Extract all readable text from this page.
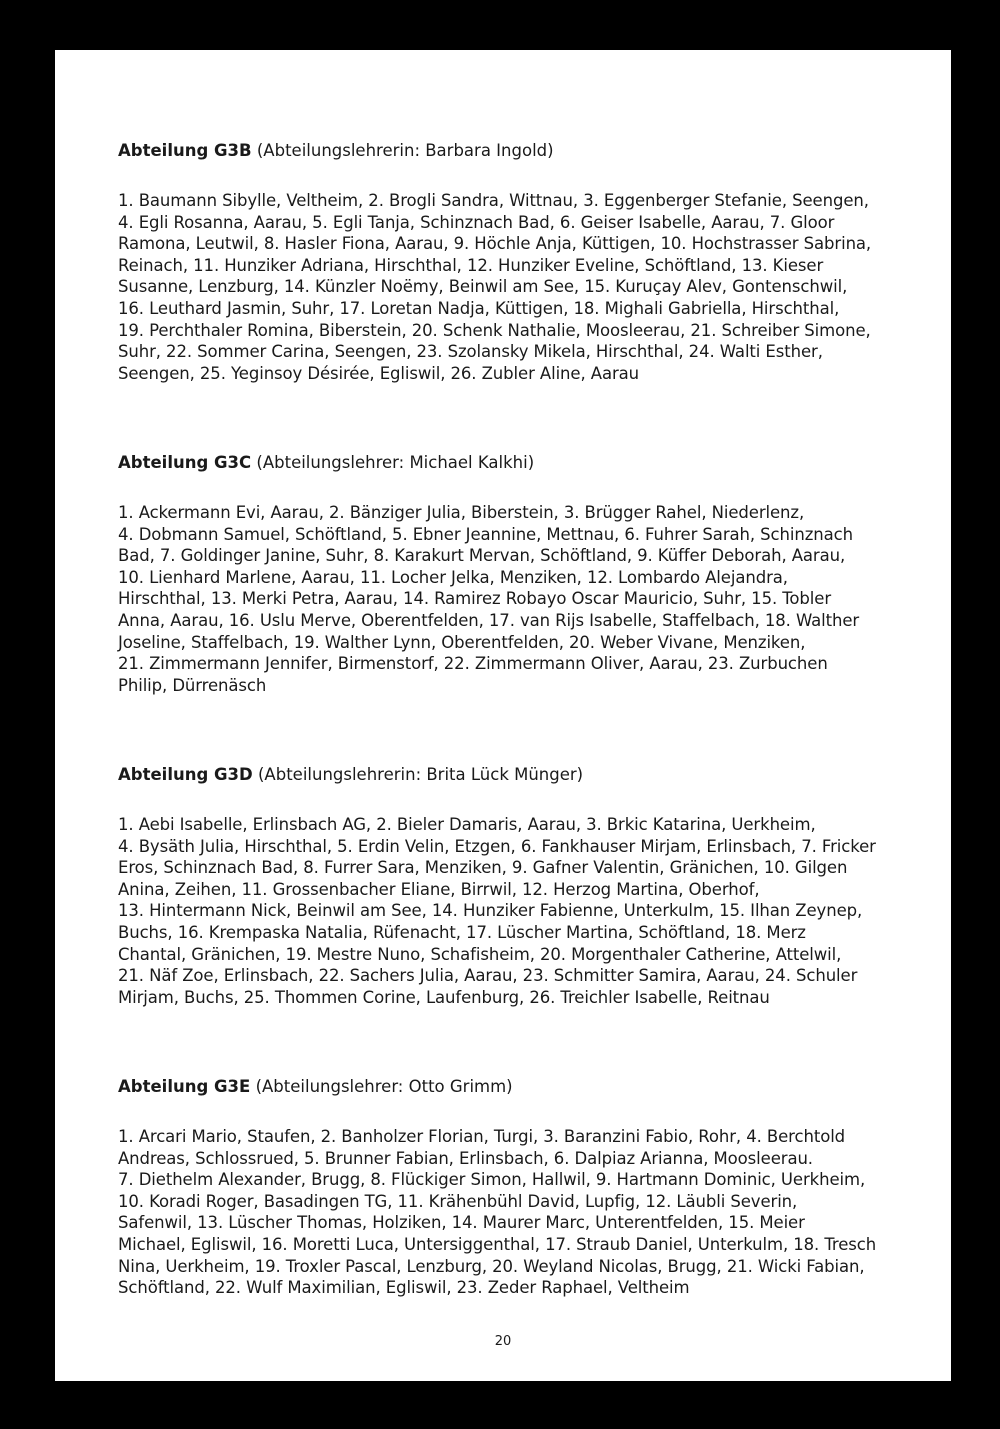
Abteilung G3B (Abteilungslehrerin: Barbara Ingold)

1. Baumann Sibylle, Veltheim, 2. Brogli Sandra, Wittnau, 3. Eggenberger Stefanie, Seengen,
4. Egli Rosanna, Aarau, 5. Egli Tanja, Schinznach Bad, 6. Geiser Isabelle, Aarau, 7. Gloor
Ramona, Leutwil, 8. Hasler Fiona, Aarau, 9. Höchle Anja, Küttigen, 10. Hochstrasser Sabrina,
Reinach, 11. Hunziker Adriana, Hirschthal, 12. Hunziker Eveline, Schöftland, 13. Kieser
Susanne, Lenzburg, 14. Künzler Noëmy, Beinwil am See, 15. Kuruçay Alev, Gontenschwil,
16. Leuthard Jasmin, Suhr, 17. Loretan Nadja, Küttigen, 18. Mighali Gabriella, Hirschthal,
19. Perchthaler Romina, Biberstein, 20. Schenk Nathalie, Moosleerau, 21. Schreiber Simone,
Suhr, 22. Sommer Carina, Seengen, 23. Szolansky Mikela, Hirschthal, 24. Walti Esther,
Seengen, 25. Yeginsoy Désirée, Egliswil, 26. Zubler Aline, Aarau

Abteilung G3C (Abteilungslehrer: Michael Kalkhi)

1. Ackermann Evi, Aarau, 2. Bänziger Julia, Biberstein, 3. Brügger Rahel, Niederlenz,
4. Dobmann Samuel, Schöftland, 5. Ebner Jeannine, Mettnau, 6. Fuhrer Sarah, Schinznach
Bad, 7. Goldinger Janine, Suhr, 8. Karakurt Mervan, Schöftland, 9. Küffer Deborah, Aarau,
10. Lienhard Marlene, Aarau, 11. Locher Jelka, Menziken, 12. Lombardo Alejandra,
Hirschthal, 13. Merki Petra, Aarau, 14. Ramirez Robayo Oscar Mauricio, Suhr, 15. Tobler
Anna, Aarau, 16. Uslu Merve, Oberentfelden, 17. van Rijs Isabelle, Staffelbach, 18. Walther
Joseline, Staffelbach, 19. Walther Lynn, Oberentfelden, 20. Weber Vivane, Menziken,
21. Zimmermann Jennifer, Birmenstorf, 22. Zimmermann Oliver, Aarau, 23. Zurbuchen
Philip, Dürrenäsch

Abteilung G3D (Abteilungslehrerin: Brita Lück Münger)

1. Aebi Isabelle, Erlinsbach AG, 2. Bieler Damaris, Aarau, 3. Brkic Katarina, Uerkheim,
4. Bysäth Julia, Hirschthal, 5. Erdin Velin, Etzgen, 6. Fankhauser Mirjam, Erlinsbach, 7. Fricker
Eros, Schinznach Bad, 8. Furrer Sara, Menziken, 9. Gafner Valentin, Gränichen, 10. Gilgen
Anina, Zeihen, 11. Grossenbacher Eliane, Birrwil, 12. Herzog Martina, Oberhof,
13. Hintermann Nick, Beinwil am See, 14. Hunziker Fabienne, Unterkulm, 15. Ilhan Zeynep,
Buchs, 16. Krempaska Natalia, Rüfenacht, 17. Lüscher Martina, Schöftland, 18. Merz
Chantal, Gränichen, 19. Mestre Nuno, Schafisheim, 20. Morgenthaler Catherine, Attelwil,
21. Näf Zoe, Erlinsbach, 22. Sachers Julia, Aarau, 23. Schmitter Samira, Aarau, 24. Schuler
Mirjam, Buchs, 25. Thommen Corine, Laufenburg, 26. Treichler Isabelle, Reitnau

Abteilung G3E (Abteilungslehrer: Otto Grimm)

1. Arcari Mario, Staufen, 2. Banholzer Florian, Turgi, 3. Baranzini Fabio, Rohr, 4. Berchtold
Andreas, Schlossrued, 5. Brunner Fabian, Erlinsbach, 6. Dalpiaz Arianna, Moosleerau.
7. Diethelm Alexander, Brugg, 8. Flückiger Simon, Hallwil, 9. Hartmann Dominic, Uerkheim,
10. Koradi Roger, Basadingen TG, 11. Krähenbühl David, Lupfig, 12. Läubli Severin,
Safenwil, 13. Lüscher Thomas, Holziken, 14. Maurer Marc, Unterentfelden, 15. Meier
Michael, Egliswil, 16. Moretti Luca, Untersiggenthal, 17. Straub Daniel, Unterkulm, 18. Tresch
Nina, Uerkheim, 19. Troxler Pascal, Lenzburg, 20. Weyland Nicolas, Brugg, 21. Wicki Fabian,
Schöftland, 22. Wulf Maximilian, Egliswil, 23. Zeder Raphael, Veltheim

20
